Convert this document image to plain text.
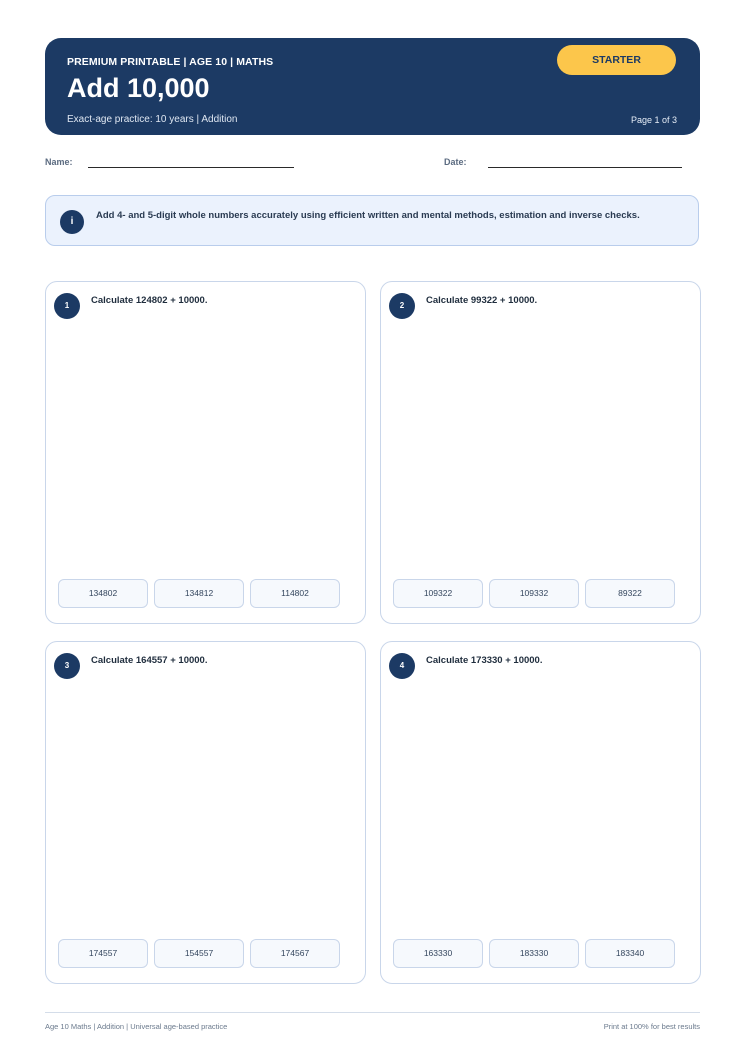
PREMIUM PRINTABLE | AGE 10 | MATHS
Add 10,000
Exact-age practice: 10 years | Addition
STARTER
Page 1 of 3
Name:	Date:
i
Add 4- and 5-digit whole numbers accurately using efficient written and mental methods, estimation and inverse checks.
1	Calculate 124802 + 10000.
134802	134812	114802
2	Calculate 99322 + 10000.
109322	109332	89322
3	Calculate 164557 + 10000.
174557	154557	174567
4	Calculate 173330 + 10000.
163330	183330	183340
Age 10 Maths | Addition | Universal age-based practice	Print at 100% for best results
